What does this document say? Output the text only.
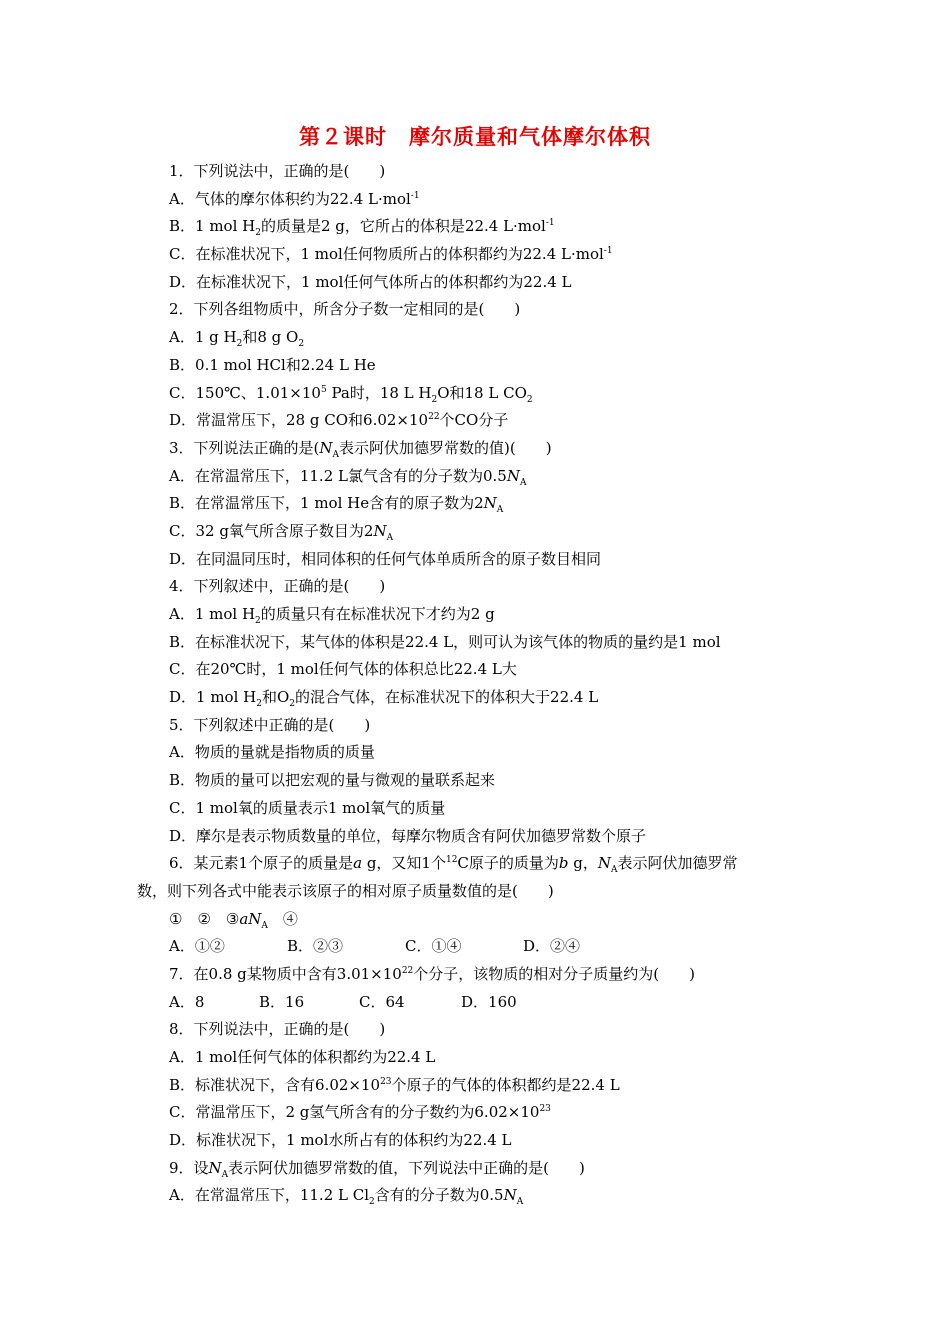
第２课时　摩尔质量和气体摩尔体积
1．下列说法中，正确的是(　　)
A．气体的摩尔体积约为22.4 L·mol$^{-1}$
B．1 mol $H_2$的质量是2 g，它所占的体积是22.4 L·mol$^{-1}$
C．在标准状况下，1 mol任何物质所占的体积都约为22.4 L·mol$^{-1}$
D．在标准状况下，1 mol任何气体所占的体积都约为22.4 L
2．下列各组物质中，所含分子数一定相同的是(　　)
A．1 g $H_2$和8 g $O_2$
B．0.1 mol HCl和2.24 L He
C．150℃、$1.01\times 10^5$ Pa时，18 L $H_2O$和18 L $CO_2$
D．常温常压下，28 g CO和$6.02\times 10^{22}$个CO分子
3．下列说法正确的是($N_A$表示阿伏加德罗常数的值)(　　)
A．在常温常压下，11.2 L氯气含有的分子数为$0.5N_A$
B．在常温常压下，1 mol He含有的原子数为$2N_A$
C．32 g氧气所含原子数目为$2N_A$
D．在同温同压时，相同体积的任何气体单质所含的原子数目相同
4．下列叙述中，正确的是(　　)
A．1 mol $H_2$的质量只有在标准状况下才约为2 g
B．在标准状况下，某气体的体积是22.4 L，则可认为该气体的物质的量约是1 mol
C．在20℃时，1 mol任何气体的体积总比22.4 L大
D．1 mol $H_2$和$O_2$的混合气体，在标准状况下的体积大于22.4 L
5．下列叙述中正确的是(　　)
A．物质的量就是指物质的质量
B．物质的量可以把宏观的量与微观的量联系起来
C．1 mol氧的质量表示1 mol氧气的质量
D．摩尔是表示物质数量的单位，每摩尔物质含有阿伏加德罗常数个原子
6．某元素1个原子的质量是a g，又知1个$^{12}$C原子的质量为b g，$N_A$表示阿伏加德罗常
数，则下列各式中能表示该原子的相对原子质量数值的是(　　)
①　②　$③aN_A$　④
A．①②	B．②③	C．①④	D．②④
7．在0.8 g某物质中含有$3.01\times 10^{22}$个分子，该物质的相对分子质量约为(　　)
A．8	B．16	C．64	D．160
8．下列说法中，正确的是(　　)
A．1 mol任何气体的体积都约为22.4 L
B．标准状况下，含有$6.02\times 10^{23}$个原子的气体的体积都约是22.4 L
C．常温常压下，2 g氢气所含有的分子数约为$6.02\times 10^{23}$
D．标准状况下，1 mol水所占有的体积约为22.4 L
9．设$N_A$表示阿伏加德罗常数的值，下列说法中正确的是(　　)
A．在常温常压下，11.2 L $Cl_2$含有的分子数为$0.5N_A$
